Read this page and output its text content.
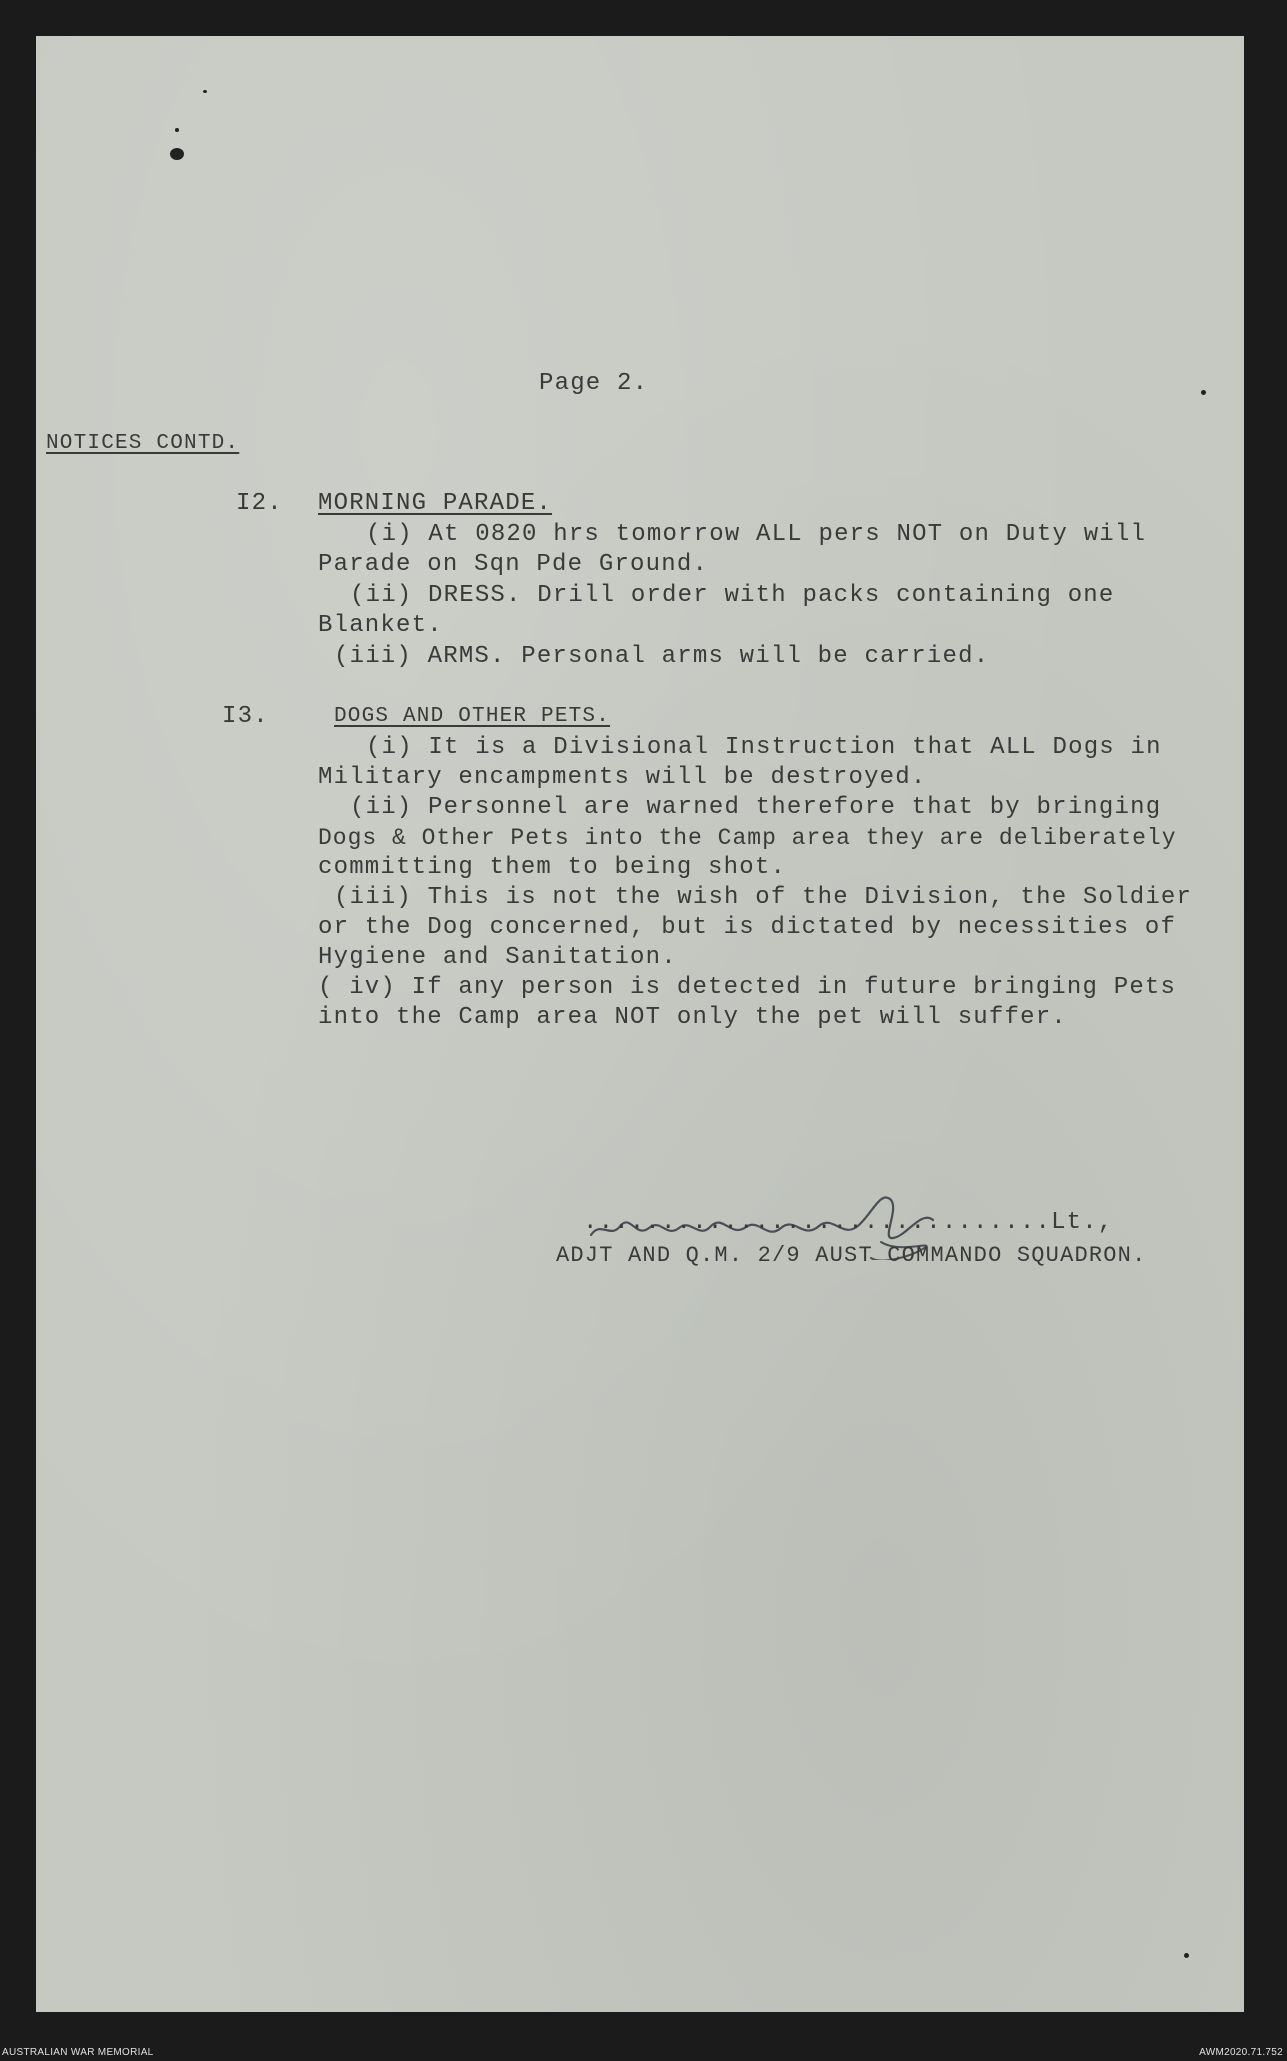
Page 2.
NOTICES CONTD.
I2. MORNING PARADE.
(i) At 0820 hrs tomorrow ALL pers NOT on Duty will
Parade on Sqn Pde Ground.
(ii) DRESS. Drill order with packs containing one
Blanket.
(iii) ARMS. Personal arms will be carried.
I3.	DOGS AND OTHER PETS.
(i) It is a Divisional Instruction that ALL Dogs in
Military encampments will be destroyed.
(ii) Personnel are warned therefore that by bringing
Dogs & Other Pets into the Camp area they are deliberately
committing them to being shot.
(iii) This is not the wish of the Division, the Soldier
or the Dog concerned, but is dictated by necessities of
Hygiene and Sanitation.
( iv) If any person is detected in future bringing Pets
into the Camp area NOT only the pet will suffer.
..............................Lt.,
ADJT AND Q.M. 2/9 AUST COMMANDO SQUADRON.
AUSTRALIAN WAR MEMORIAL	AWM2020.71.752
